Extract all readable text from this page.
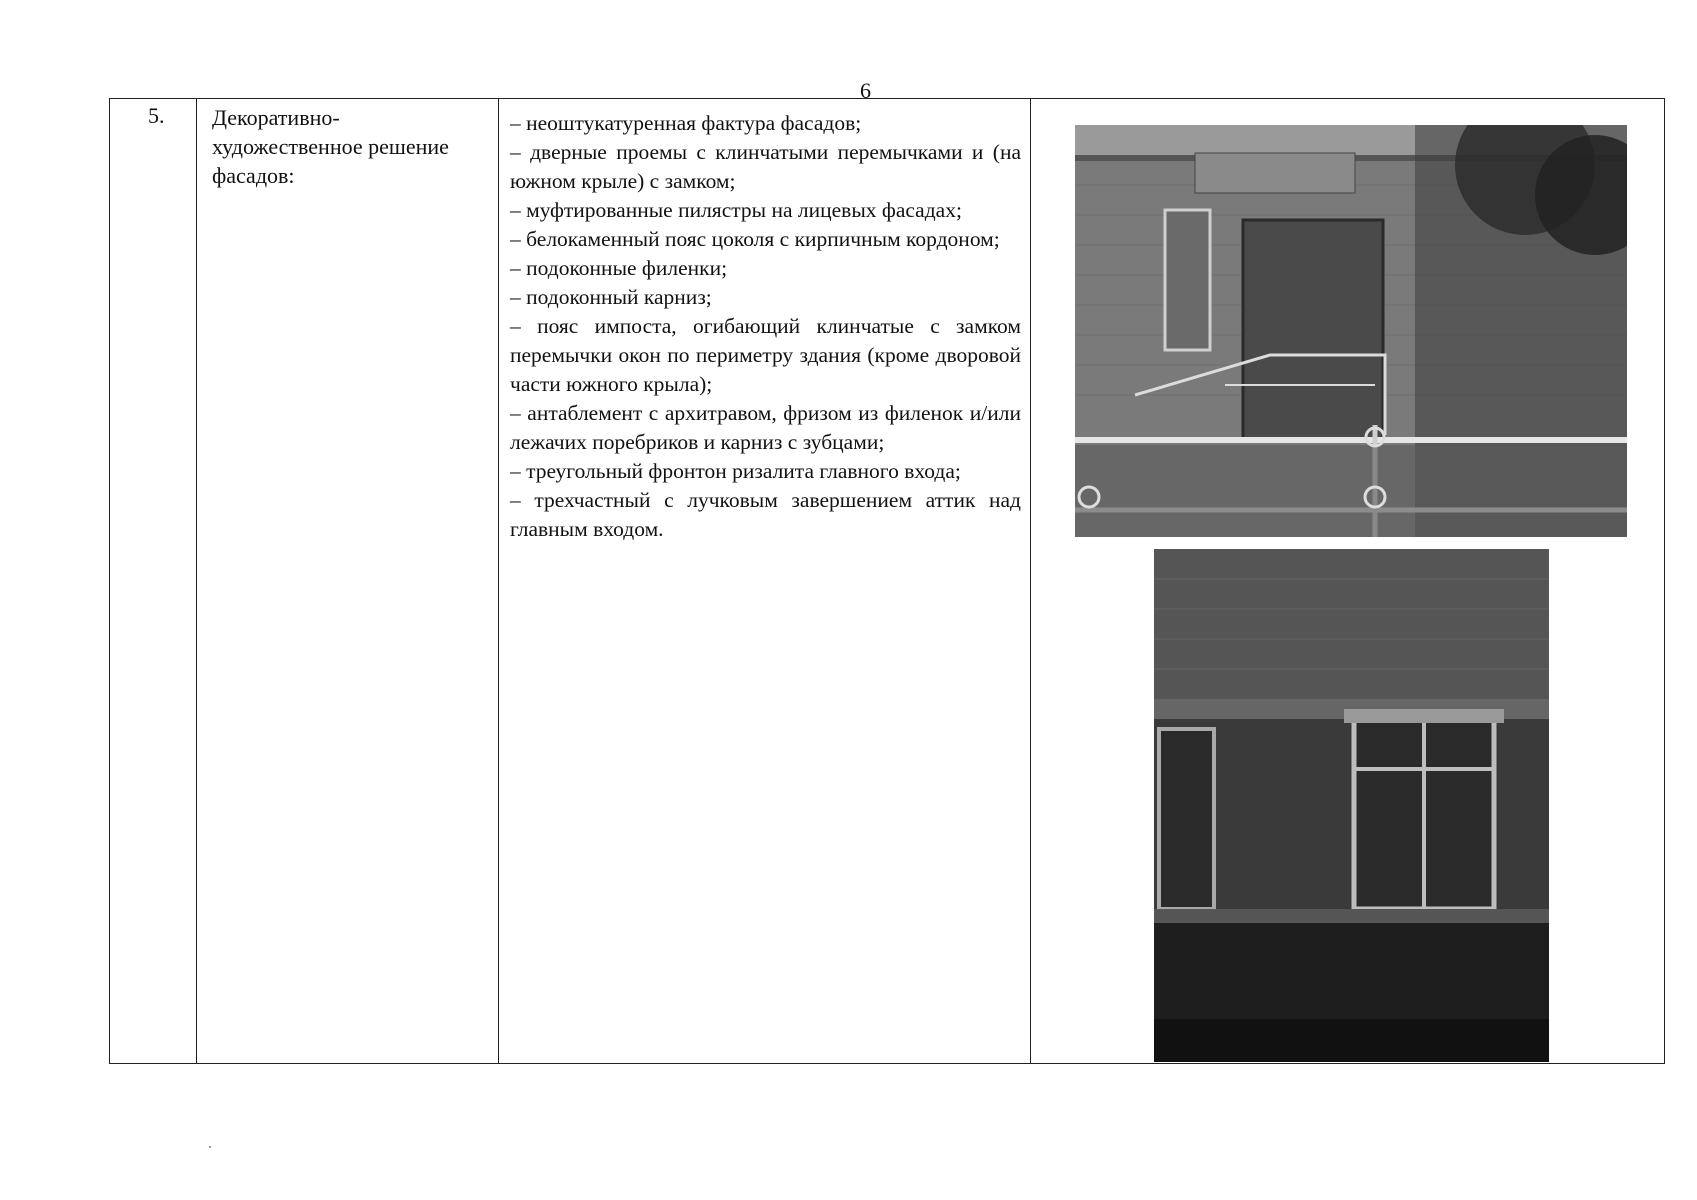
6
5. Декоративно-художественное решение фасадов:
– неоштукатуренная фактура фасадов;
– дверные проемы с клинчатыми перемычками и (на южном крыле) с замком;
– муфтированные пилястры на лицевых фасадах;
– белокаменный пояс цоколя с кирпичным кордоном;
– подоконные филенки;
– подоконный карниз;
– пояс импоста, огибающий клинчатые с замком перемычки окон по периметру здания (кроме дворовой части южного крыла);
– антаблемент с архитравом, фризом из филенок и/или лежачих поребриков и карниз с зубцами;
– треугольный фронтон ризалита главного входа;
– трехчастный с лучковым завершением аттик над главным входом.
